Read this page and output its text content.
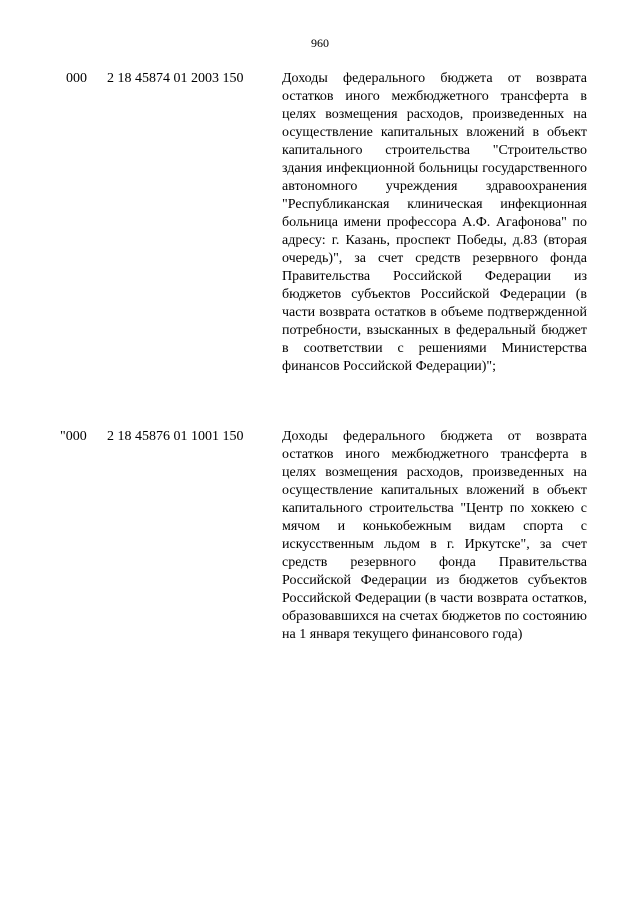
960
000 2 18 45874 01 2003 150	Доходы федерального бюджета от возврата остатков иного межбюджетного трансферта в целях возмещения расходов, произведенных на осуществление капитальных вложений в объект капитального строительства "Строительство здания инфекционной больницы государственного автономного учреждения здравоохранения "Республиканская клиническая инфекционная больница имени профессора А.Ф. Агафонова" по адресу: г. Казань, проспект Победы, д.83 (вторая очередь)", за счет средств резервного фонда Правительства Российской Федерации из бюджетов субъектов Российской Федерации (в части возврата остатков в объеме подтвержденной потребности, взысканных в федеральный бюджет в соответствии с решениями Министерства финансов Российской Федерации)";

"000 2 18 45876 01 1001 150	Доходы федерального бюджета от возврата остатков иного межбюджетного трансферта в целях возмещения расходов, произведенных на осуществление капитальных вложений в объект капитального строительства "Центр по хоккею с мячом и конькобежным видам спорта с искусственным льдом в г. Иркутске", за счет средств резервного фонда Правительства Российской Федерации из бюджетов субъектов Российской Федерации (в части возврата остатков, образовавшихся на счетах бюджетов по состоянию на 1 января текущего финансового года)
